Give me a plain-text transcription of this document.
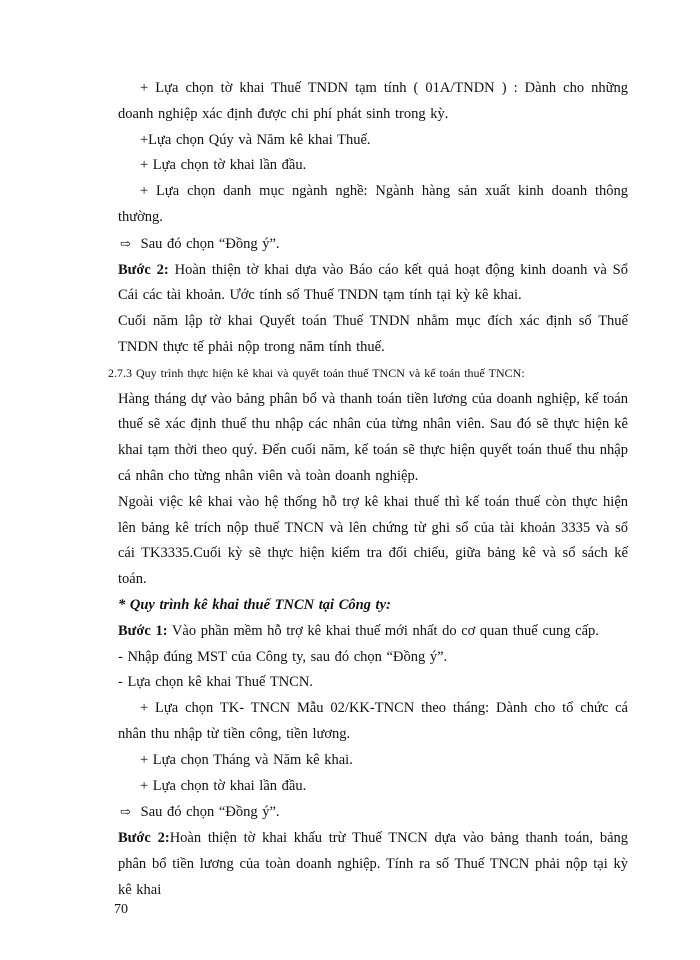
+ Lựa chọn tờ khai Thuế TNDN tạm tính ( 01A/TNDN ) : Dành cho những doanh nghiệp xác định được chi phí phát sinh trong kỳ.

+Lựa chọn Qúy và Năm kê khai Thuế.

+ Lựa chọn tờ khai lần đầu.

+ Lựa chọn danh mục ngành nghề: Ngành hàng sản xuất kinh doanh thông thường.

⇨ Sau đó chọn “Đồng ý”.

Bước 2: Hoàn thiện tờ khai dựa vào Báo cáo kết quả hoạt động kinh doanh và Sổ Cái các tài khoản. Ước tính số Thuế TNDN tạm tính tại kỳ kê khai.

Cuối năm lập tờ khai Quyết toán Thuế TNDN nhằm mục đích xác định số Thuế TNDN thực tế phải nộp trong năm tính thuế.

2.7.3 Quy trình thực hiện kê khai và quyết toán thuế TNCN và kế toán thuế TNCN:

Hàng tháng dự vào bảng phân bổ và thanh toán tiền lương của doanh nghiệp, kế toán thuế sẽ xác định thuế thu nhập các nhân của từng nhân viên. Sau đó sẽ thực hiện kê khai tạm thời theo quý. Đến cuối năm, kế toán sẽ thực hiện quyết toán thuế thu nhập cá nhân cho từng nhân viên và toàn doanh nghiệp.

Ngoài việc kê khai vào hệ thống hỗ trợ kê khai thuế thì kế toán thuế còn thực hiện lên bảng kê trích nộp thuế TNCN và lên chứng từ ghi sổ của tài khoản 3335 và sổ cái TK3335.Cuối kỳ sẽ thực hiện kiểm tra đối chiếu, giữa bảng kê và sổ sách kế toán.

* Quy trình kê khai thuế TNCN tại Công ty:

Bước 1: Vào phần mềm hỗ trợ kê khai thuế mới nhất do cơ quan thuế cung cấp.

- Nhập đúng MST của Công ty, sau đó chọn “Đồng ý”.

- Lựa chọn kê khai Thuế TNCN.

+ Lựa chọn TK- TNCN Mẫu 02/KK-TNCN theo tháng: Dành cho tổ chức cá nhân thu nhập từ tiền công, tiền lương.

+ Lựa chọn Tháng và Năm kê khai.

+ Lựa chọn tờ khai lần đầu.

⇨ Sau đó chọn “Đồng ý”.

Bước 2:Hoàn thiện tờ khai khấu trừ Thuế TNCN dựa vào bảng thanh toán, bảng phân bổ tiền lương của toàn doanh nghiệp. Tính ra số Thuế TNCN phải nộp tại kỳ kê khai

70
